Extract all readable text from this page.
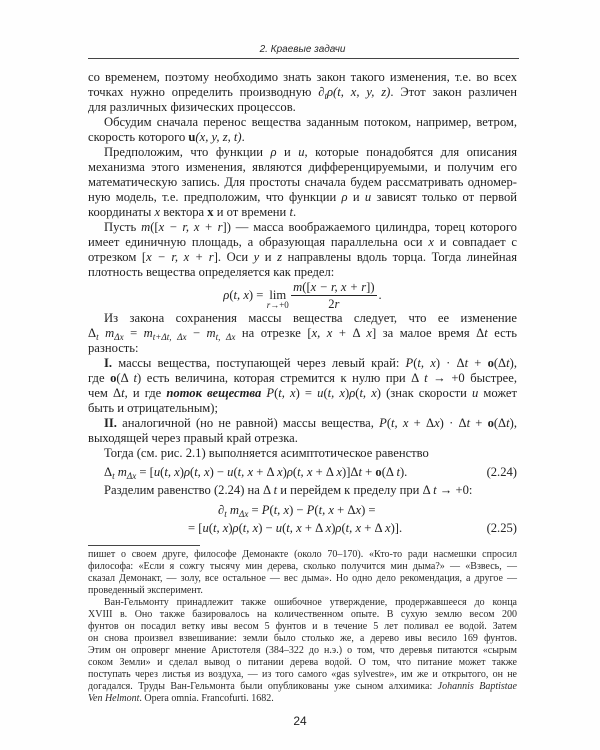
2. Краевые задачи
со временем, поэтому необходимо знать закон такого изменения, т.е. во всех
точках нужно определить производную $\partial_t\rho(t$, x, y, z). Этот закон различен
для различных физических процессов.
Обсудим сначала перенос вещества заданным потоком, например, ветром,
скорость которого u(x, y, z, t).
Предположим, что функции ρ и u, которые понадобятся для описания
механизма этого изменения, являются дифференцируемыми, и получим его
математическую запись. Для простоты сначала будем рассматривать одномер-
ную модель, т.е. предположим, что функции ρ и u зависят только от первой
координаты x вектора x и от времени t.
Пусть m([x − r, x + r]) — масса воображаемого цилиндра, торец которого
имеет единичную площадь, а образующая параллельна оси x и совпадает с
отрезком [x − r, x + r]. Оси y и z направлены вдоль торца. Тогда линейная
плотность вещества определяется как предел:
ρ(t, x) = lim
$r\to+0 \frac{m([x - r, x + r])}{2r}$ .
Из закона сохранения массы вещества следует, что ее изменение
$\Delta_t$ $m_{\Delta x} = m_{t+\Delta t, \Delta x} - m_{t, \Delta x}$ на отрезке [x, x + Δ x] за малое время Δt есть
разность:
I. массы вещества, поступающей через левый край: P(t, x) · Δt + o(Δt),
где o(Δ t) есть величина, которая стремится к нулю при Δ t → +0 быстрее,
чем Δt, и где поток вещества P(t, x) = u(t, x)ρ(t, x) (знак скорости u может
быть и отрицательным);
II. аналогичной (но не равной) массы вещества, P(t, x + Δx) · Δt + o(Δt),
выходящей через правый край отрезка.
Тогда (см. рис. 2.1) выполняется асимптотическое равенство
$\Delta_t$ $m_{\Delta x} = [u(t$, x)ρ(t, x) − u(t, x + Δ x)ρ(t, x + Δ x)]Δt + o(Δ t).	(2.24)
Разделим равенство (2.24) на Δ t и перейдем к пределу при Δ t → +0:
$\partial_t$ $m_{\Delta x} = P(t$, x) − P(t, x + Δx) =
= [u(t, x)ρ(t, x) − u(t, x + Δ x)ρ(t, x + Δ x)].	(2.25)
пишет о своем друге, философе Демонакте (около 70–170). «Кто-то ради насмешки спросил
философа: «Если я сожгу тысячу мин дерева, сколько получится мин дыма?» — «Взвесь, —
сказал Демонакт, — золу, все остальное — вес дыма». Но одно дело рекомендация, а другое —
проведенный эксперимент.
Ван-Гельмонту принадлежит также ошибочное утверждение, продержавшееся до конца
XVIII в. Оно также базировалось на количественном опыте. В сухую землю весом 200
фунтов он посадил ветку ивы весом 5 фунтов и в течение 5 лет поливал ее водой. Затем
он снова произвел взвешивание: земли было столько же, а дерево ивы весило 169 фунтов.
Этим он опроверг мнение Аристотеля (384–322 до н.э.) о том, что деревья питаются «сырым
соком Земли» и сделал вывод о питании дерева водой. О том, что питание может также
поступать через листья из воздуха, — из того самого «gas sylvestre», им же и открытого, он не
догадался. Труды Ван-Гельмонта были опубликованы уже сыном алхимика: Johannis Baptistae
Ven Helmont. Opera omnia. Francofurti. 1682.
24
